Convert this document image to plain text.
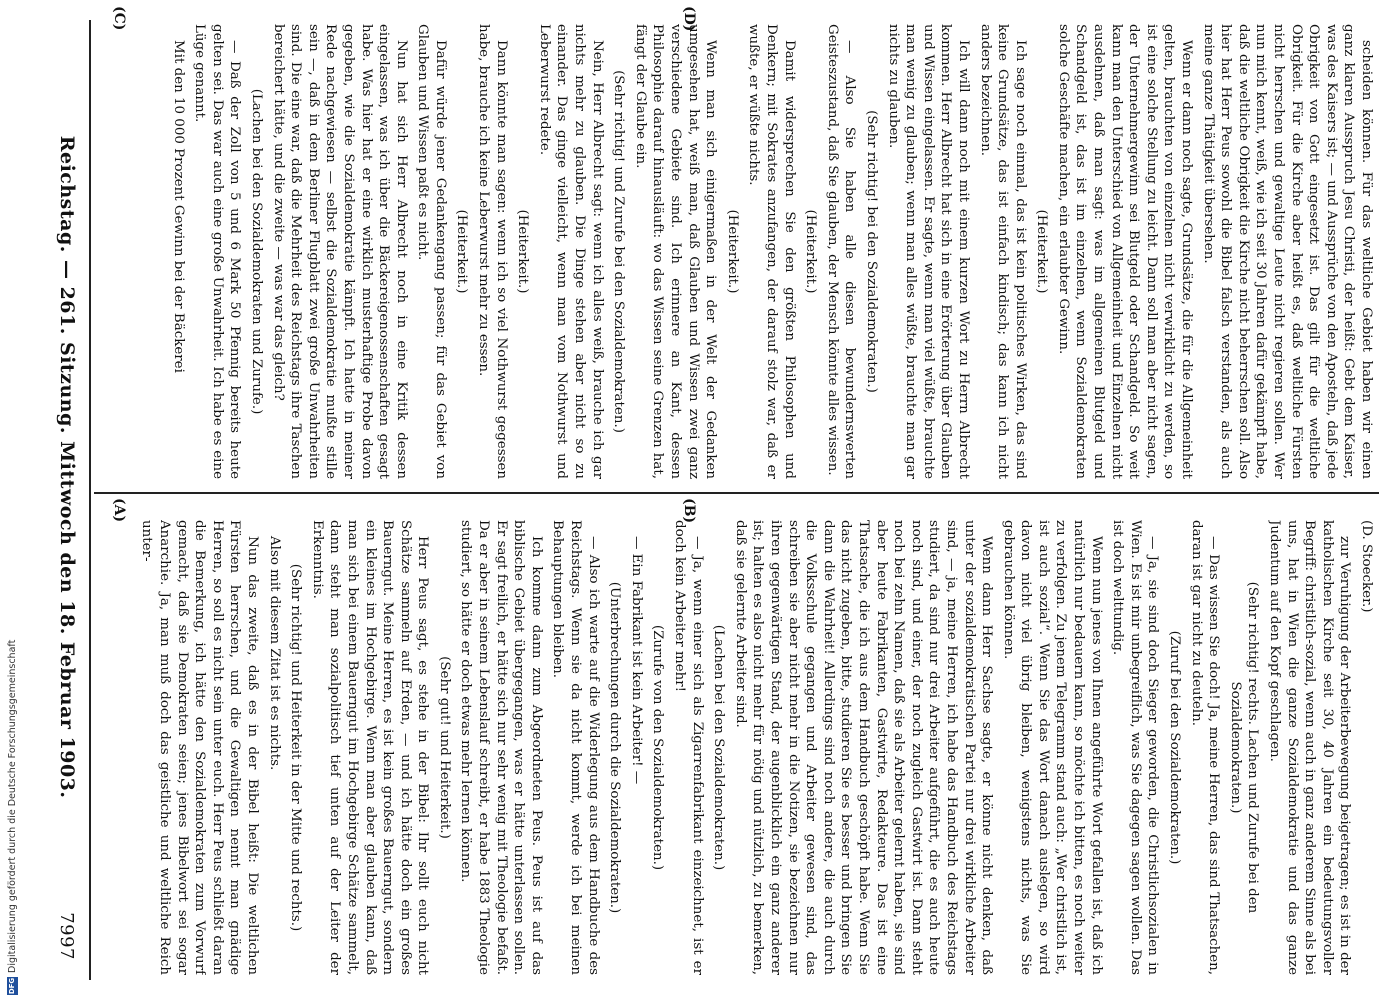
Reichstag. — 261. Sitzung. Mittwoch den 18. Februar 1903.
7997
(A)	(B)
(C)	(D)

(D. Stoecker.)

zur Veruhigung der Arbeiterbewegung beigetragen; es ist in der katholischen Kirche seit 30, 40 Jahren ein bedeutungsvoller Begriff: christlich-sozial, wenn auch in ganz anderem Sinne als bei uns, hat in Wien die ganze Sozialdemokratie und das ganze Judentum auf den Kopf geschlagen.

(Sehr richtig! rechts. Lachen und Zurufe bei den Sozialdemokraten.)

— Das wissen Sie doch! Ja, meine Herren, das sind Thatsachen, daran ist gar nicht zu deuteln.

(Zuruf bei den Sozialdemokraten.)

— Ja, sie sind doch Sieger geworden, die Christlichsozialen in Wien. Es ist mir unbegreiflich, was Sie dagegen sagen wollen. Das ist doch welttundig.

Wenn nun jenes von Ihnen angeführte Wort gefallen ist, daß ich natürlich nur bedauern kann, so möchte ich bitten, es noch weiter zu verfolgen. Zu jenem Telegramm stand auch: „Wer christlich ist, ist auch sozial“. Wenn Sie das Wort danach auslegen, so wird davon nicht viel übrig bleiben, wenigstens nichts, was Sie gebrauchen können.

Wenn dann Herr Sachse sagte, er könne nicht denken, daß unter der sozialdemokratischen Partei nur drei wirkliche Arbeiter sind, — ja, meine Herren, ich habe das Handbuch des Reichstags studiert, da sind nur drei Arbeiter aufgeführt, die es auch heute noch sind, und einer, der noch zugleich Gastwirt ist. Dann steht noch bei zehn Namen, daß sie als Arbeiter gelernt haben, sie sind aber heute Fabrikanten, Gastwirte, Redakteure. Das ist eine Thatsache, die ich aus dem Handbuch geschöpft habe. Wenn Sie das nicht zugeben, bitte, studieren Sie es besser und bringen Sie dann die Wahrheit! Allerdings sind noch andere, die auch durch die Volksschule gegangen und Arbeiter gewesen sind, das schreiben sie aber nicht mehr in die Notizen, sie bezeichnen nur ihren gegenwärtigen Stand, der augenblicklich ein ganz anderer ist; halten es also nicht mehr für nötig und nützlich, zu bemerken, daß sie gelernte Arbeiter sind.

(Lachen bei den Sozialdemokraten.)

— Ja, wenn einer sich als Zigarrenfabrikant einzeichnet, ist er doch kein Arbeiter mehr!

(Zurufe von den Sozialdemokraten.)

— Ein Fabrikant ist kein Arbeiter! —

(Unterbrechungen durch die Sozialdemokraten.)

— Also ich warte auf die Widerlegung aus dem Handbuche des Reichstags. Wenn sie da nicht kommt, werde ich bei meinen Behauptungen bleiben.

Ich komme dann zum Abgeordneten Peus. Peus ist auf das biblische Gebiet übergegangen, was er hätte unterlassen sollen. Er sagt freilich, er hätte sich nur sehr wenig mit Theologie befaßt. Da er aber in seinem Lebenslauf schreibt, er habe 1883 Theologie studiert, so hätte er doch etwas mehr lernen können.

(Sehr gut! und Heiterkeit.)

Herr Peus sagt, es stehe in der Bibel: Ihr sollt euch nicht Schätze sammeln auf Erden, — und ich hätte doch ein großes Bauerngut. Meine Herren, es ist kein großes Bauerngut, sondern ein kleines im Hochgebirge. Wenn man aber glauben kann, daß man sich bei einem Bauerngut im Hochgebirge Schätze sammelt, dann steht man sozialpolitisch tief unten auf der Leiter der Erkenntnis.

(Sehr richtig! und Heiterkeit in der Mitte und rechts.)

Also mit diesem Zitat ist es nichts.

Nun das zweite, daß es in der Bibel heißt: Die weltlichen Fürsten herrschen, und die Gewaltigen nennt man gnädige Herren, so soll es nicht sein unter euch. Herr Peus schließt daran die Bemerkung, ich hätte den Sozialdemokraten zum Vorwurf gemacht, daß sie Demokraten seien; jenes Bibelwort sei sogar Anarchie. Ja, man muß doch das geistliche und weltliche Reich unter-

scheiden können. Für das weltliche Gebiet haben wir einen ganz klaren Ausspruch Jesu Christi, der heißt: Gebt dem Kaiser, was des Kaisers ist; — und Aussprüche von den Aposteln, daß jede Obrigkeit von Gott eingesetzt ist. Das gilt für die weltliche Obrigkeit. Für die Kirche aber heißt es, daß weltliche Fürsten nicht herrschen und gewaltige Leute nicht regieren sollen. Wer nun mich kennt, weiß, wie ich seit 30 Jahren dafür gekämpft habe, daß die weltliche Obrigkeit die Kirche nicht beherrschen soll. Also hier hat Herr Peus sowohl die Bibel falsch verstanden, als auch meine ganze Thätigkeit übersehen.

Wenn er dann noch sagte, Grundsätze, die für die Allgemeinheit gelten, brauchten von einzelnen nicht verwirklicht zu werden, so ist eine solche Stellung zu leicht. Dann soll man aber nicht sagen, der Unternehmergewinn sei Blutgeld oder Schandgeld. So weit kann man den Unterschied von Allgemeinheit und Einzelnen nicht ausdehnen, daß man sagt: was im allgemeinen Blutgeld und Schandgeld ist, das ist im einzelnen, wenn Sozialdemokraten solche Geschäfte machen, ein erlaubter Gewinn.

(Heiterkeit.)

Ich sage noch einmal, das ist kein politisches Wirken, das sind keine Grundsätze, das ist einfach kindisch; das kann ich nicht anders bezeichnen.

Ich will dann noch mit einem kurzen Wort zu Herrn Albrecht kommen. Herr Albrecht hat sich in eine Erörterung über Glauben und Wissen eingelassen. Er sagte, wenn man viel wüßte, brauchte man wenig zu glauben; wenn man alles wüßte, brauchte man gar nichts zu glauben.

(Sehr richtig! bei den Sozialdemokraten.)

— Also Sie haben alle diesen bewundernswerten Geisteszustand, daß Sie glauben, der Mensch könnte alles wissen.

(Heiterkeit.)

Damit widersprechen Sie den größten Philosophen und Denkern; mit Sokrates anzufangen, der darauf stolz war, daß er wußte, er wüßte nichts.

(Heiterkeit.)

Wenn man sich einigermaßen in der Welt der Gedanken umgesehen hat, weiß man, daß Glauben und Wissen zwei ganz verschiedene Gebiete sind. Ich erinnere an Kant, dessen Philosophie darauf hinausläuft: wo das Wissen seine Grenzen hat, fängt der Glaube ein.

(Sehr richtig! und Zurufe bei den Sozialdemokraten.)

Nein, Herr Albrecht sagt: wenn ich alles weiß, brauche ich gar nichts mehr zu glauben. Die Dinge stehen aber nicht so zu einander. Das ginge vielleicht, wenn man vom Nothwurst und Leberwurst redete.

(Heiterkeit.)

Dann könnte man sagen: wenn ich so viel Nothwurst gegessen habe, brauche ich keine Leberwurst mehr zu essen.

(Heiterkeit.)

Dafür würde jener Gedankengang passen; für das Gebiet von Glauben und Wissen paßt es nicht.

Nun hat sich Herr Albrecht noch in eine Kritik dessen eingelassen, was ich über die Bäckereigenossenschaften gesagt habe. Was hier hat er eine wirklich musterhaftige Probe davon gegeben, wie die Sozialdemokratie kämpft. Ich hatte in meiner Rede nachgewiesen — selbst die Sozialdemokratie mußte stille sein —, daß in dem Berliner Flugblatt zwei große Unwahrheiten sind. Die eine war, daß die Mehrheit des Reichstags ihre Taschen bereichert hätte, und die zweite — was war das gleich?

(Lachen bei den Sozialdemokraten und Zurufe.)

— Daß der Zoll von 5 und 6 Mark 50 Pfennig bereits heute gelten sei. Das war auch eine große Unwahrheit. Ich habe es eine Lüge genannt.

Mit den 10 000 Prozent Gewinn bei der Bäckerei

DFG
Digitalisierung gefördert durch die Deutsche Forschungsgemeinschaft
